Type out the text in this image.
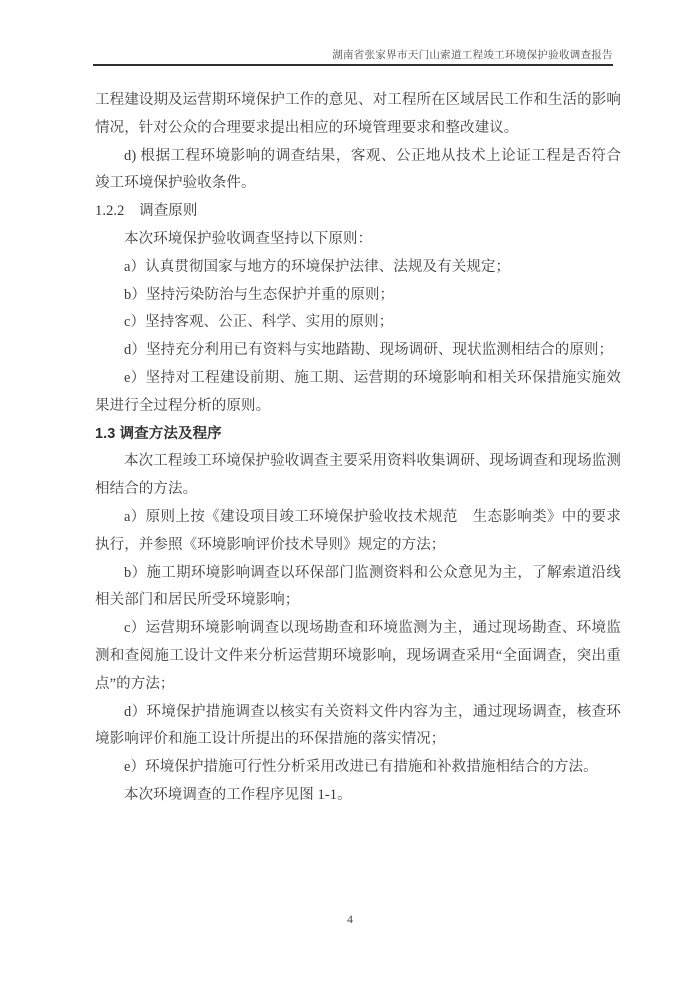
湖南省张家界市天门山索道工程竣工环境保护验收调查报告

工程建设期及运营期环境保护工作的意见、对工程所在区域居民工作和生活的影响情况，针对公众的合理要求提出相应的环境管理要求和整改建议。

d) 根据工程环境影响的调查结果，客观、公正地从技术上论证工程是否符合竣工环境保护验收条件。

1.2.2　调查原则

本次环境保护验收调查坚持以下原则：

a）认真贯彻国家与地方的环境保护法律、法规及有关规定；

b）坚持污染防治与生态保护并重的原则；

c）坚持客观、公正、科学、实用的原则；

d）坚持充分利用已有资料与实地踏勘、现场调研、现状监测相结合的原则；

e）坚持对工程建设前期、施工期、运营期的环境影响和相关环保措施实施效果进行全过程分析的原则。

1.3 调查方法及程序

本次工程竣工环境保护验收调查主要采用资料收集调研、现场调查和现场监测相结合的方法。

a）原则上按《建设项目竣工环境保护验收技术规范　生态影响类》中的要求执行，并参照《环境影响评价技术导则》规定的方法；

b）施工期环境影响调查以环保部门监测资料和公众意见为主，了解索道沿线相关部门和居民所受环境影响；

c）运营期环境影响调查以现场勘查和环境监测为主，通过现场勘查、环境监测和查阅施工设计文件来分析运营期环境影响，现场调查采用“全面调查，突出重点”的方法；

d）环境保护措施调查以核实有关资料文件内容为主，通过现场调查，核查环境影响评价和施工设计所提出的环保措施的落实情况；

e）环境保护措施可行性分析采用改进已有措施和补救措施相结合的方法。

本次环境调查的工作程序见图 1-1。

4
